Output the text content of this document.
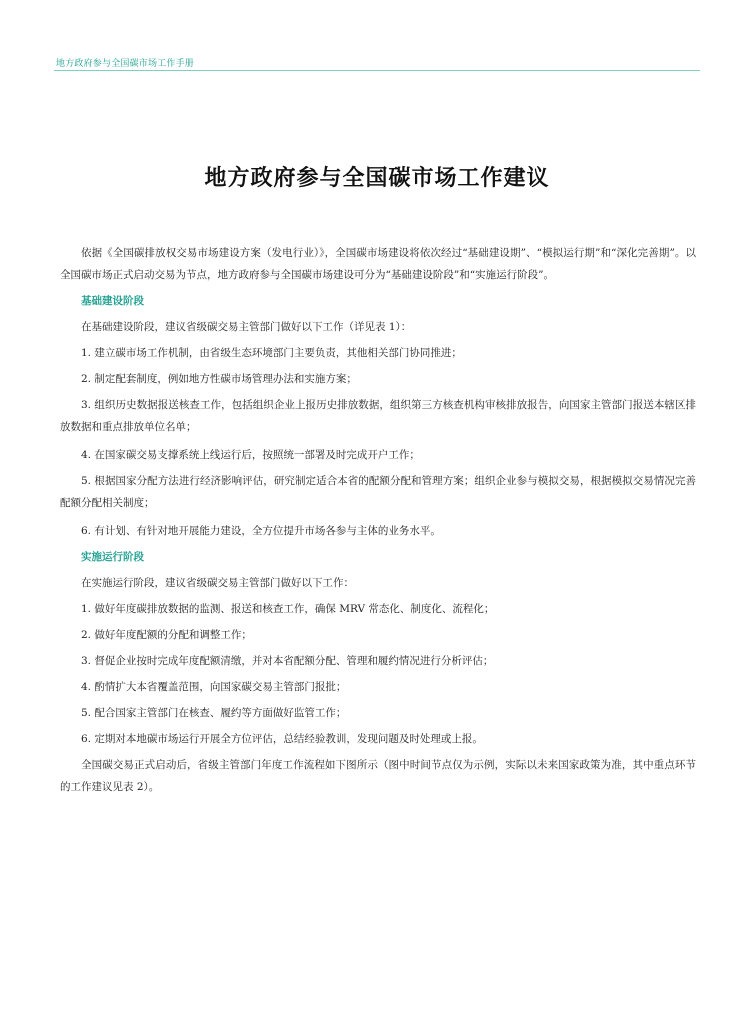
地方政府参与全国碳市场工作手册
地方政府参与全国碳市场工作建议

依据《全国碳排放权交易市场建设方案（发电行业）》，全国碳市场建设将依次经过“基础建设期”、“模拟运行期”和“深化完善期”。以全国碳市场正式启动交易为节点，地方政府参与全国碳市场建设可分为“基础建设阶段”和“实施运行阶段”。

基础建设阶段

在基础建设阶段，建议省级碳交易主管部门做好以下工作（详见表 1）：

1. 建立碳市场工作机制，由省级生态环境部门主要负责，其他相关部门协同推进；

2. 制定配套制度，例如地方性碳市场管理办法和实施方案；

3. 组织历史数据报送核查工作，包括组织企业上报历史排放数据，组织第三方核查机构审核排放报告，向国家主管部门报送本辖区排放数据和重点排放单位名单；

4. 在国家碳交易支撑系统上线运行后，按照统一部署及时完成开户工作；

5. 根据国家分配方法进行经济影响评估，研究制定适合本省的配额分配和管理方案；组织企业参与模拟交易，根据模拟交易情况完善配额分配相关制度；

6. 有计划、有针对地开展能力建设，全方位提升市场各参与主体的业务水平。

实施运行阶段

在实施运行阶段，建议省级碳交易主管部门做好以下工作：

1. 做好年度碳排放数据的监测、报送和核查工作，确保 MRV 常态化、制度化、流程化；

2. 做好年度配额的分配和调整工作；

3. 督促企业按时完成年度配额清缴，并对本省配额分配、管理和履约情况进行分析评估；

4. 酌情扩大本省覆盖范围，向国家碳交易主管部门报批；

5. 配合国家主管部门在核查、履约等方面做好监管工作；

6. 定期对本地碳市场运行开展全方位评估，总结经验教训，发现问题及时处理或上报。

全国碳交易正式启动后，省级主管部门年度工作流程如下图所示（图中时间节点仅为示例，实际以未来国家政策为准，其中重点环节的工作建议见表 2）。
